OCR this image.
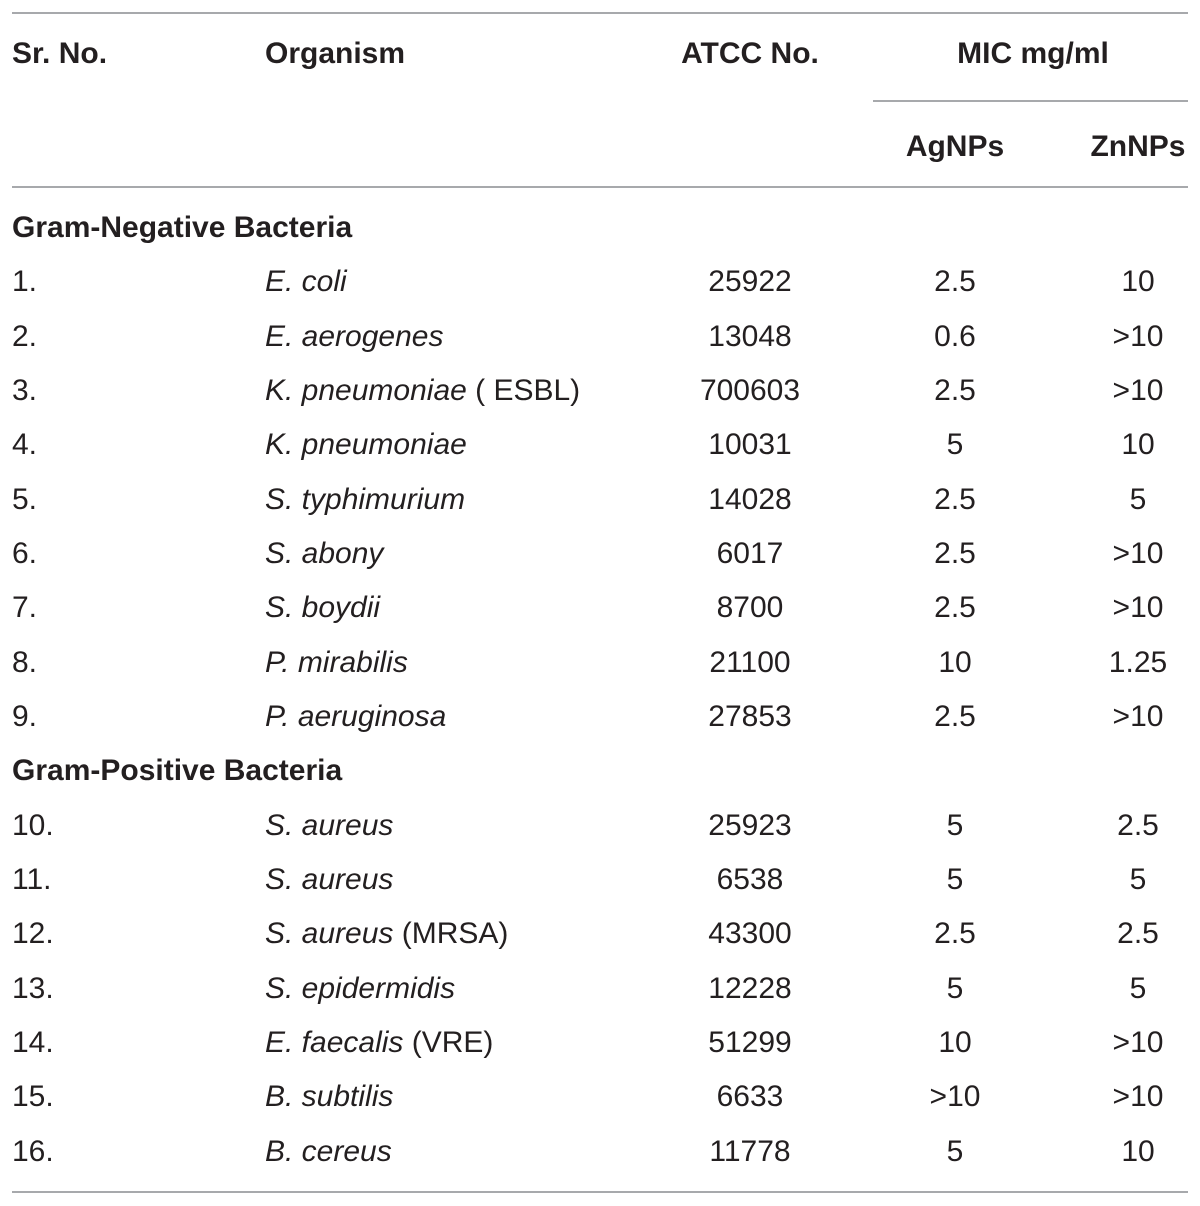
Sr. No.	Organism	ATCC No.	MIC mg/ml
AgNPs	ZnNPs
Gram-Negative Bacteria
1.	E. coli	25922	2.5	10
2.	E. aerogenes	13048	0.6	>10
3.	K. pneumoniae ( ESBL)	700603	2.5	>10
4.	K. pneumoniae	10031	5	10
5.	S. typhimurium	14028	2.5	5
6.	S. abony	6017	2.5	>10
7.	S. boydii	8700	2.5	>10
8.	P. mirabilis	21100	10	1.25
9.	P. aeruginosa	27853	2.5	>10
Gram-Positive Bacteria
10.	S. aureus	25923	5	2.5
11.	S. aureus	6538	5	5
12.	S. aureus (MRSA)	43300	2.5	2.5
13.	S. epidermidis	12228	5	5
14.	E. faecalis (VRE)	51299	10	>10
15.	B. subtilis	6633	>10	>10
16.	B. cereus	11778	5	10
